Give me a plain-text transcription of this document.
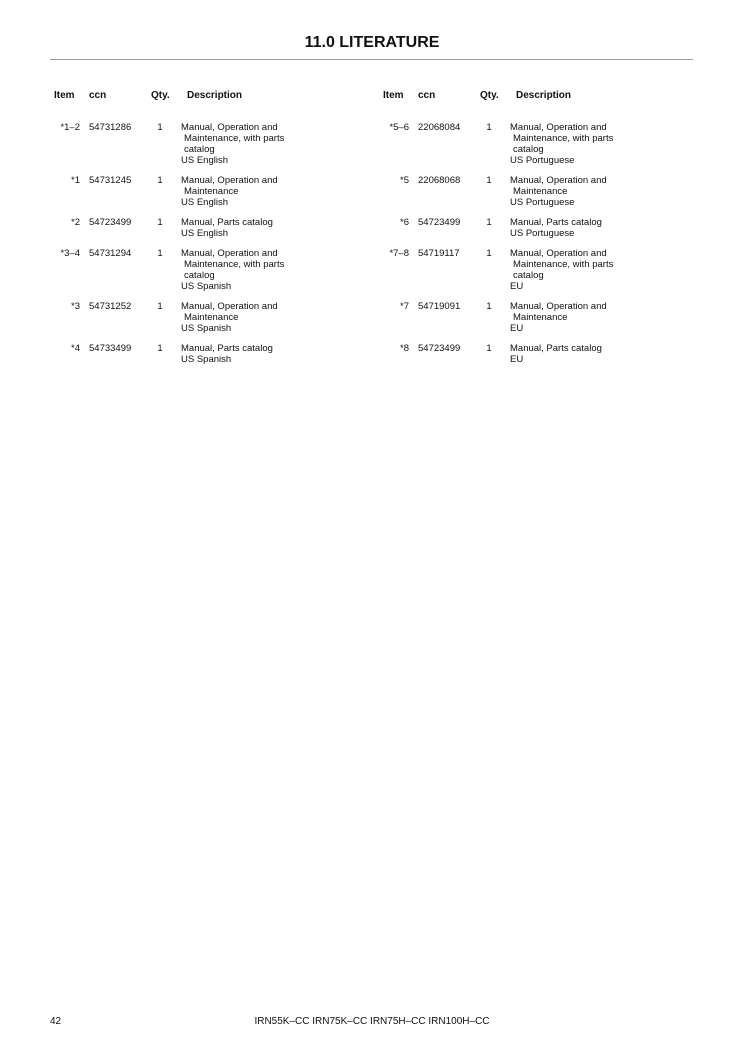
11.0 LITERATURE
Item ccn	Qty. Description
*1–2 54731286	1	Manual, Operation and
Maintenance, with parts
catalog
US English
*1 54731245	1	Manual, Operation and
Maintenance
US English
*2 54723499	1	Manual, Parts catalog
US English
*3–4 54731294	1	Manual, Operation and
Maintenance, with parts
catalog
US Spanish
*3 54731252	1	Manual, Operation and
Maintenance
US Spanish
*4 54733499	1	Manual, Parts catalog
US Spanish
Item ccn	Qty. Description
*5–6 22068084	1	Manual, Operation and
Maintenance, with parts
catalog
US Portuguese
*5 22068068	1	Manual, Operation and
Maintenance
US Portuguese
*6 54723499	1	Manual, Parts catalog
US Portuguese
*7–8 54719117	1	Manual, Operation and
Maintenance, with parts
catalog
EU
*7 54719091	1	Manual, Operation and
Maintenance
EU
*8 54723499	1	Manual, Parts catalog
EU
42	IRN55K–CC IRN75K–CC IRN75H–CC IRN100H–CC
